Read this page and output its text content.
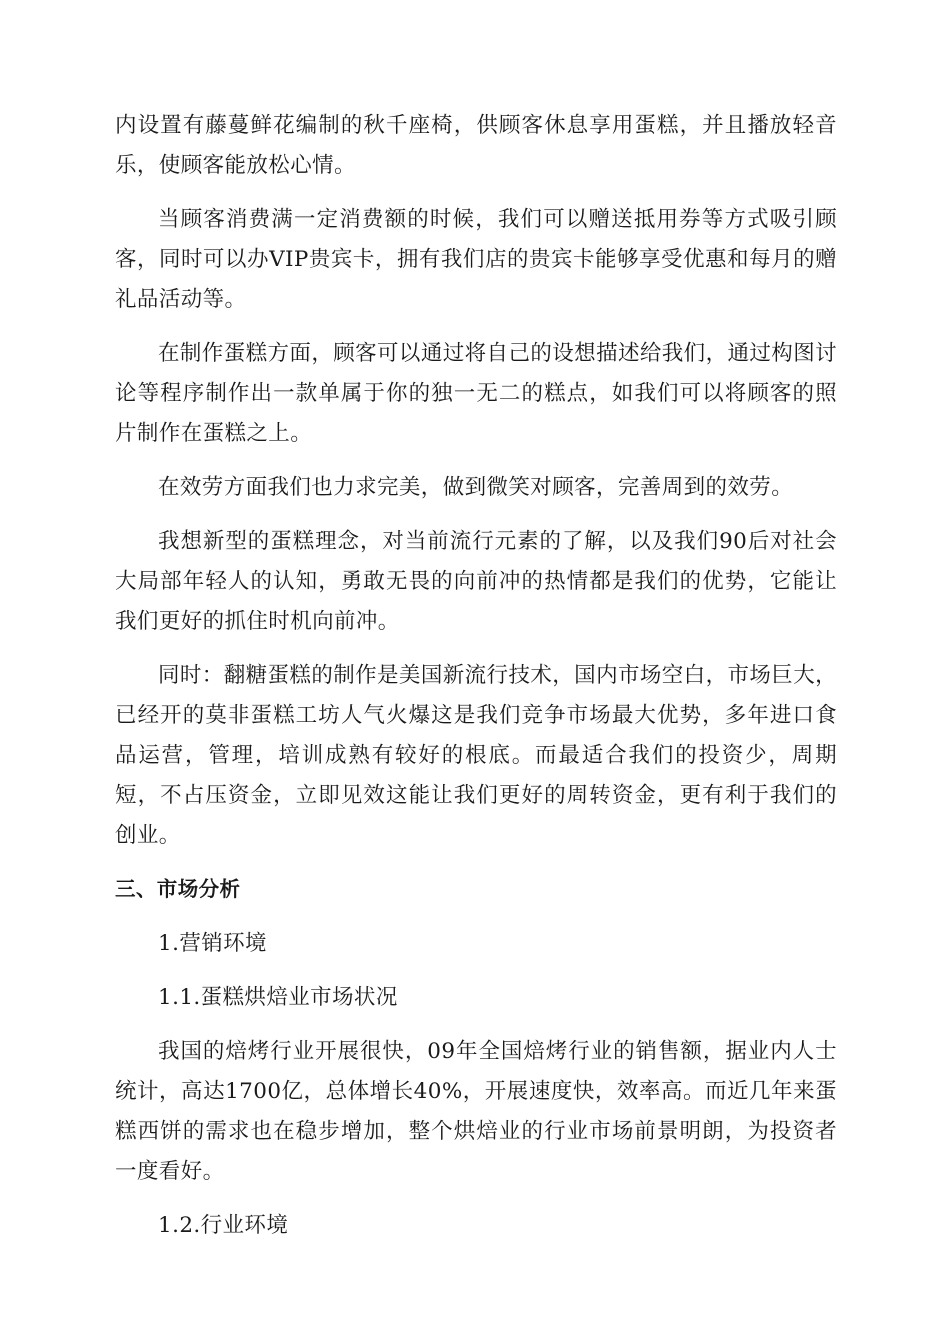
内设置有藤蔓鲜花编制的秋千座椅，供顾客休息享用蛋糕，并且播放轻音乐，使顾客能放松心情。

当顾客消费满一定消费额的时候，我们可以赠送抵用券等方式吸引顾客，同时可以办VIP贵宾卡，拥有我们店的贵宾卡能够享受优惠和每月的赠礼品活动等。

在制作蛋糕方面，顾客可以通过将自己的设想描述给我们，通过构图讨论等程序制作出一款单属于你的独一无二的糕点，如我们可以将顾客的照片制作在蛋糕之上。

在效劳方面我们也力求完美，做到微笑对顾客，完善周到的效劳。

我想新型的蛋糕理念，对当前流行元素的了解，以及我们90后对社会大局部年轻人的认知，勇敢无畏的向前冲的热情都是我们的优势，它能让我们更好的抓住时机向前冲。

同时：翻糖蛋糕的制作是美国新流行技术，国内市场空白，市场巨大，已经开的莫非蛋糕工坊人气火爆这是我们竞争市场最大优势，多年进口食品运营，管理，培训成熟有较好的根底。而最适合我们的投资少，周期短，不占压资金，立即见效这能让我们更好的周转资金，更有利于我们的创业。

三、市场分析
1.营销环境
1.1.蛋糕烘焙业市场状况

我国的焙烤行业开展很快，09年全国焙烤行业的销售额，据业内人士统计，高达1700亿，总体增长40%，开展速度快，效率高。而近几年来蛋糕西饼的需求也在稳步增加，整个烘焙业的行业市场前景明朗，为投资者一度看好。

1.2.行业环境
